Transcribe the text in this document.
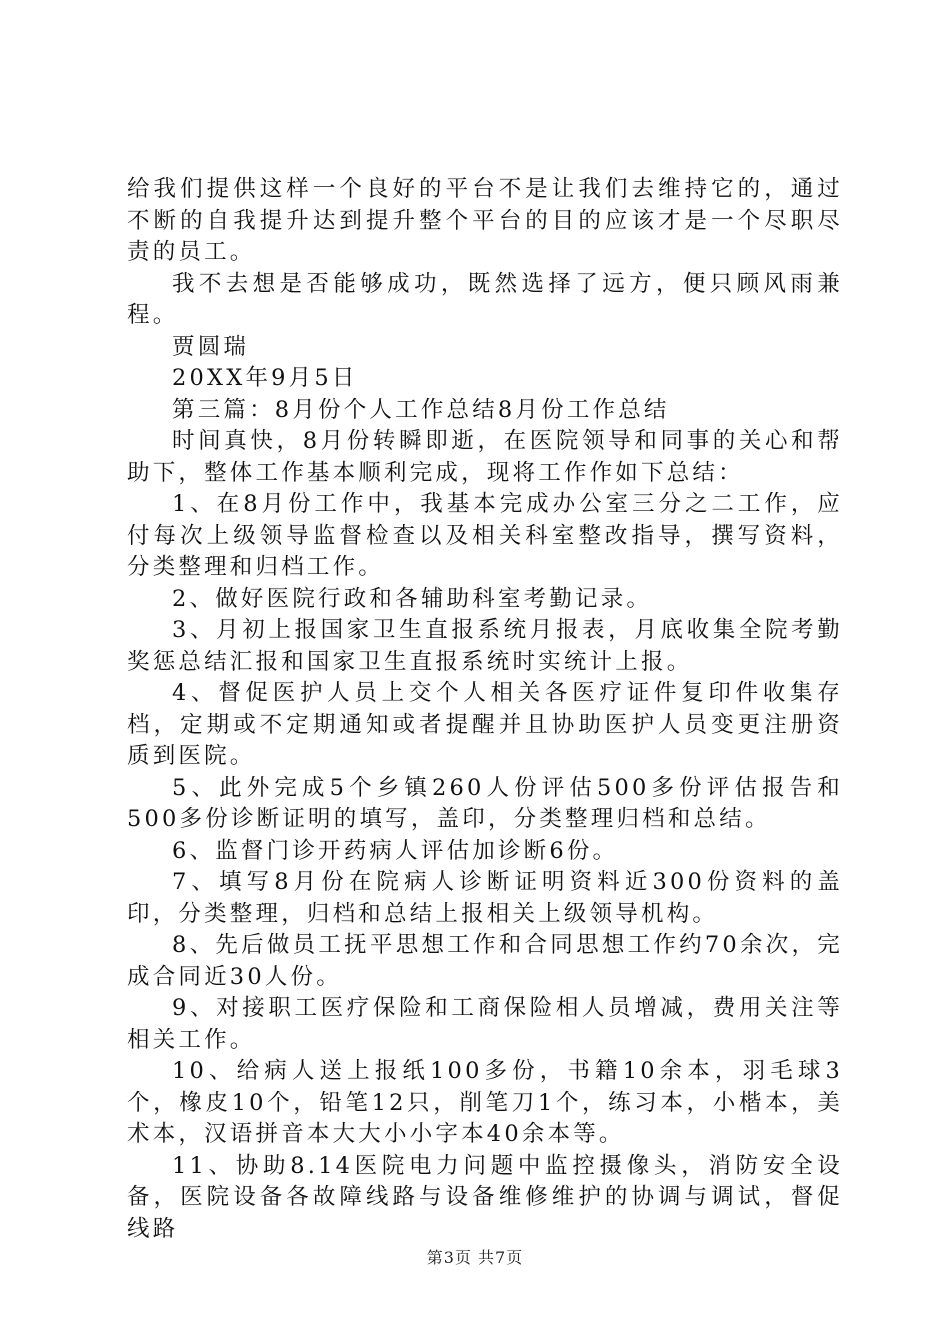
给我们提供这样一个良好的平台不是让我们去维持它的，通过不断的自我提升达到提升整个平台的目的应该才是一个尽职尽责的员工。

我不去想是否能够成功，既然选择了远方，便只顾风雨兼程。

贾圆瑞

20XX年9月5日

第三篇：8月份个人工作总结8月份工作总结

时间真快，8月份转瞬即逝，在医院领导和同事的关心和帮助下，整体工作基本顺利完成，现将工作作如下总结：

1、在8月份工作中，我基本完成办公室三分之二工作，应付每次上级领导监督检查以及相关科室整改指导，撰写资料，分类整理和归档工作。

2、做好医院行政和各辅助科室考勤记录。

3、月初上报国家卫生直报系统月报表，月底收集全院考勤奖惩总结汇报和国家卫生直报系统时实统计上报。

4、督促医护人员上交个人相关各医疗证件复印件收集存档，定期或不定期通知或者提醒并且协助医护人员变更注册资质到医院。

5、此外完成5个乡镇260人份评估500多份评估报告和500多份诊断证明的填写，盖印，分类整理归档和总结。

6、监督门诊开药病人评估加诊断6份。

7、填写8月份在院病人诊断证明资料近300份资料的盖印，分类整理，归档和总结上报相关上级领导机构。

8、先后做员工抚平思想工作和合同思想工作约70余次，完成合同近30人份。

9、对接职工医疗保险和工商保险相人员增减，费用关注等相关工作。

10、给病人送上报纸100多份，书籍10余本，羽毛球3个，橡皮10个，铅笔12只，削笔刀1个，练习本，小楷本，美术本，汉语拼音本大大小小字本40余本等。

11、协助8.14医院电力问题中监控摄像头，消防安全设备，医院设备各故障线路与设备维修维护的协调与调试，督促线路

第3页 共7页
